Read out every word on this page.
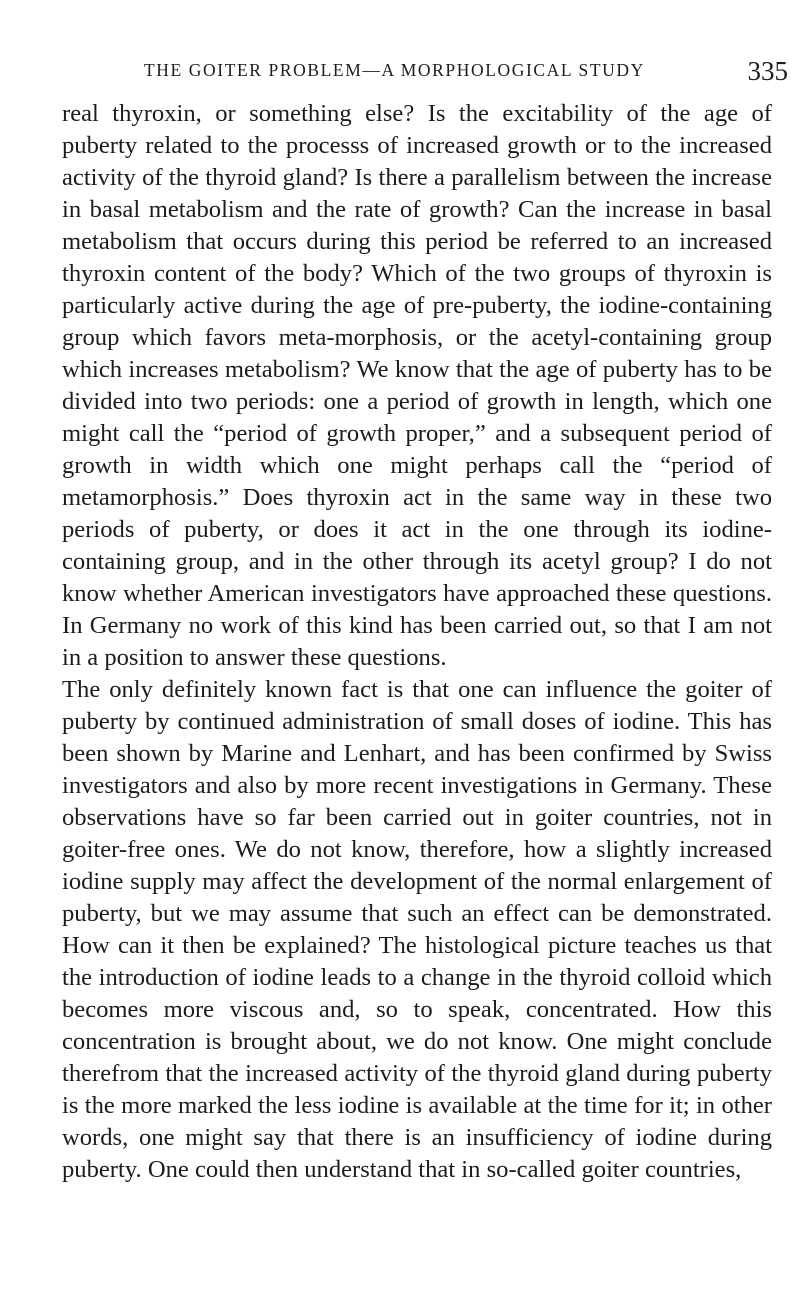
THE GOITER PROBLEM—A MORPHOLOGICAL STUDY	335

real thyroxin, or something else? Is the excitability of the age of puberty related to the processs of increased growth or to the increased activity of the thyroid gland? Is there a parallelism between the increase in basal metabolism and the rate of growth? Can the increase in basal metabolism that occurs during this period be referred to an increased thyroxin content of the body? Which of the two groups of thyroxin is particularly active during the age of pre-puberty, the iodine-containing group which favors meta-morphosis, or the acetyl-containing group which increases metabolism? We know that the age of puberty has to be divided into two periods: one a period of growth in length, which one might call the “period of growth proper,” and a subsequent period of growth in width which one might perhaps call the “period of metamorphosis.” Does thyroxin act in the same way in these two periods of puberty, or does it act in the one through its iodine-containing group, and in the other through its acetyl group? I do not know whether American investigators have approached these questions. In Germany no work of this kind has been carried out, so that I am not in a position to answer these questions.

The only definitely known fact is that one can influence the goiter of puberty by continued administration of small doses of iodine. This has been shown by Marine and Lenhart, and has been confirmed by Swiss investigators and also by more recent investigations in Germany. These observations have so far been carried out in goiter countries, not in goiter-free ones. We do not know, therefore, how a slightly increased iodine supply may affect the development of the normal enlargement of puberty, but we may assume that such an effect can be demonstrated. How can it then be explained? The histological picture teaches us that the introduction of iodine leads to a change in the thyroid colloid which becomes more viscous and, so to speak, concentrated. How this concentration is brought about, we do not know. One might conclude therefrom that the increased activity of the thyroid gland during puberty is the more marked the less iodine is available at the time for it; in other words, one might say that there is an insufficiency of iodine during puberty. One could then understand that in so-called goiter countries,
